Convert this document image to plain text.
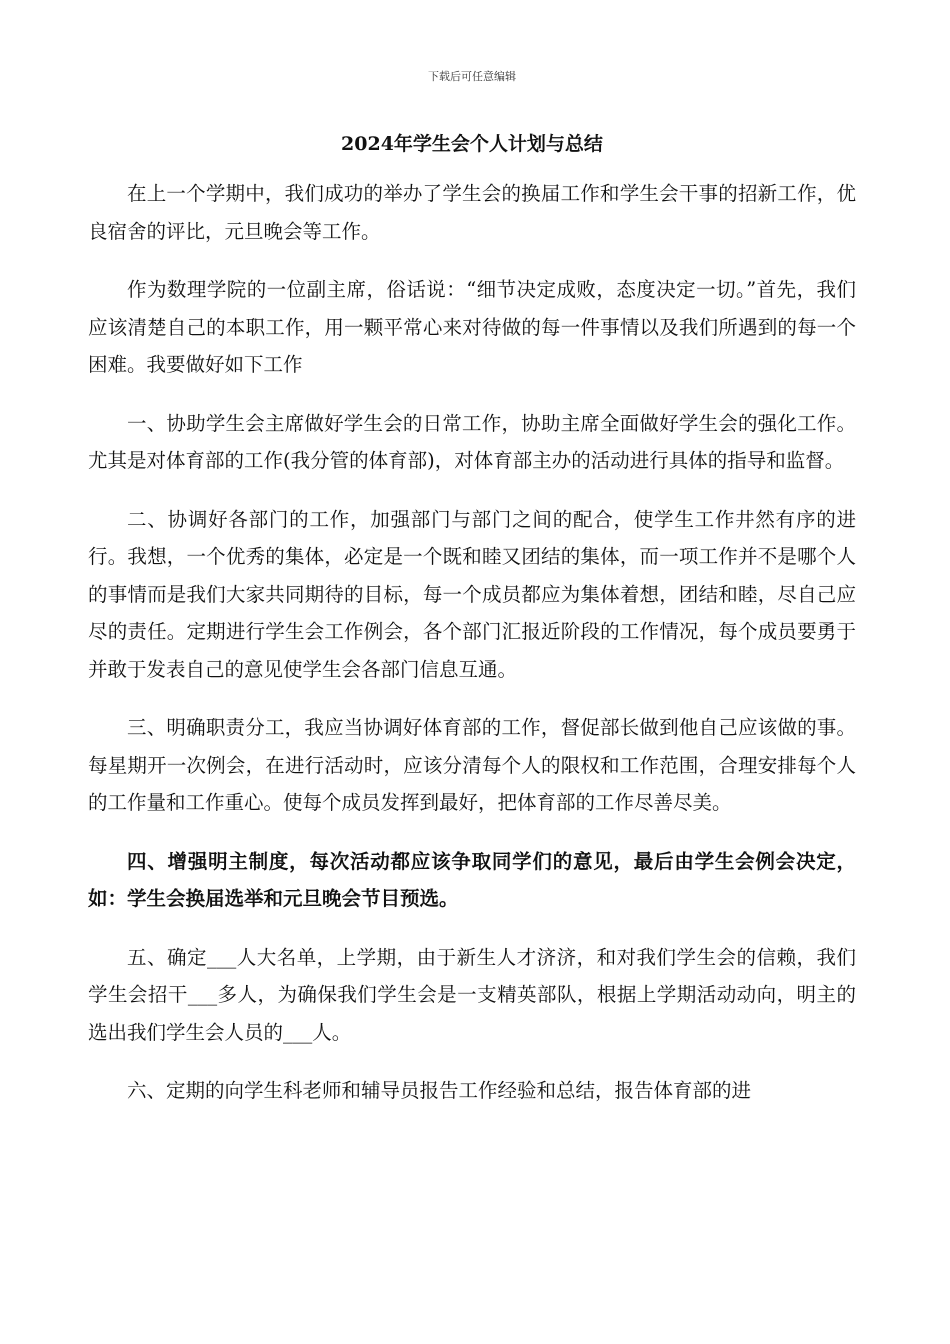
下载后可任意编辑
2024年学生会个人计划与总结

在上一个学期中，我们成功的举办了学生会的换届工作和学生会干事的招新工作，优良宿舍的评比，元旦晚会等工作。

作为数理学院的一位副主席，俗话说：“细节决定成败，态度决定一切。”首先，我们应该清楚自己的本职工作，用一颗平常心来对待做的每一件事情以及我们所遇到的每一个困难。我要做好如下工作

一、协助学生会主席做好学生会的日常工作，协助主席全面做好学生会的强化工作。尤其是对体育部的工作(我分管的体育部)，对体育部主办的活动进行具体的指导和监督。

二、协调好各部门的工作，加强部门与部门之间的配合，使学生工作井然有序的进行。我想，一个优秀的集体，必定是一个既和睦又团结的集体，而一项工作并不是哪个人的事情而是我们大家共同期待的目标，每一个成员都应为集体着想，团结和睦，尽自己应尽的责任。定期进行学生会工作例会，各个部门汇报近阶段的工作情况，每个成员要勇于并敢于发表自己的意见使学生会各部门信息互通。

三、明确职责分工，我应当协调好体育部的工作，督促部长做到他自己应该做的事。每星期开一次例会，在进行活动时，应该分清每个人的限权和工作范围，合理安排每个人的工作量和工作重心。使每个成员发挥到最好，把体育部的工作尽善尽美。

四、增强明主制度，每次活动都应该争取同学们的意见，最后由学生会例会决定，如：学生会换届选举和元旦晚会节目预选。

五、确定___人大名单，上学期，由于新生人才济济，和对我们学生会的信赖，我们学生会招干___多人，为确保我们学生会是一支精英部队，根据上学期活动动向，明主的选出我们学生会人员的___人。

六、定期的向学生科老师和辅导员报告工作经验和总结，报告体育部的进
